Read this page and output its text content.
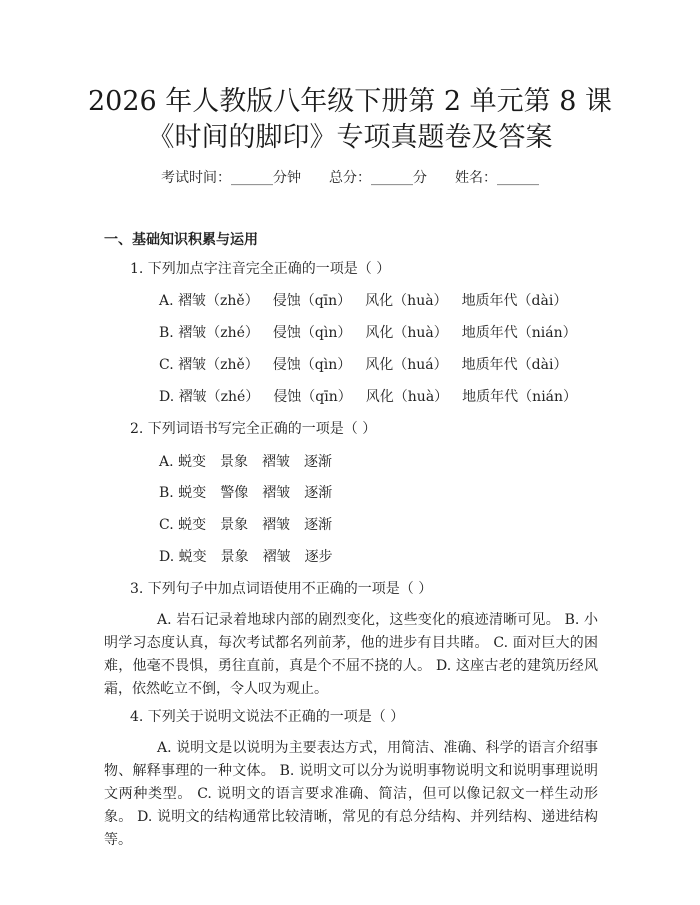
2026 年人教版八年级下册第 2 单元第 8 课
《时间的脚印》专项真题卷及答案
考试时间：______分钟 总分：______分 姓名：______
一、基础知识积累与运用
1. 下列加点字注音完全正确的一项是（ ）
A. 褶皱（zhě） 侵蚀（qīn） 风化（huà） 地质年代（dài）
B. 褶皱（zhé） 侵蚀（qìn） 风化（huà） 地质年代（nián）
C. 褶皱（zhě） 侵蚀（qìn） 风化（huá） 地质年代（dài）
D. 褶皱（zhé） 侵蚀（qīn） 风化（huà） 地质年代（nián）
2. 下列词语书写完全正确的一项是（ ）
A. 蜕变　景象　褶皱　逐渐
B. 蜕变　警像　褶皱　逐渐
C. 蜕变　景象　褶皱　逐渐
D. 蜕变　景象　褶皱　逐步
3. 下列句子中加点词语使用不正确的一项是（ ）

A. 岩石记录着地球内部的剧烈变化，这些变化的痕迹清晰可见。 B. 小明学习态度认真，每次考试都名列前茅，他的进步有目共睹。 C. 面对巨大的困难，他毫不畏惧，勇往直前，真是个不屈不挠的人。 D. 这座古老的建筑历经风霜，依然屹立不倒，令人叹为观止。

4. 下列关于说明文说法不正确的一项是（ ）

A. 说明文是以说明为主要表达方式，用简洁、准确、科学的语言介绍事物、解释事理的一种文体。 B. 说明文可以分为说明事物说明文和说明事理说明文两种类型。 C. 说明文的语言要求准确、简洁，但可以像记叙文一样生动形象。 D. 说明文的结构通常比较清晰，常见的有总分结构、并列结构、递进结构等。
